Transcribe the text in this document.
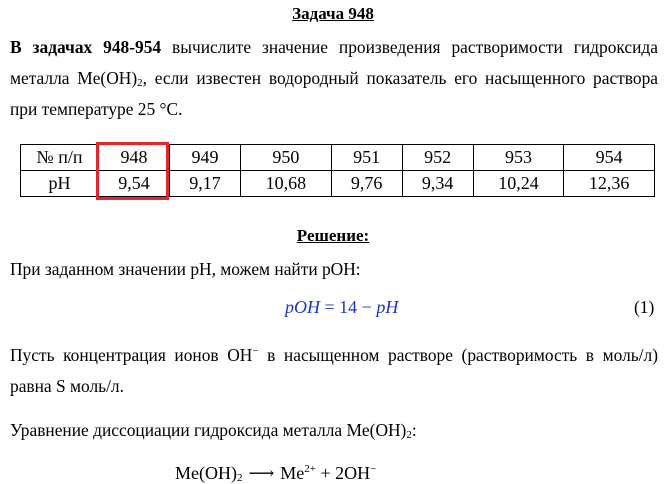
Задача 948
В задачах 948-954 вычислите значение произведения растворимости гидроксида металла $Me(OH)_2$, если известен водородный показатель его насыщенного раствора при температуре 25 °С.
№ п/п	948	949	950	951	952	953	954
pH	9,54	9,17	10,68	9,76	9,34	10,24	12,36
Решение:
При заданном значении pH, можем найти pOH:
pOH = 14 − pH	(1)
Пусть концентрация ионов OH− в насыщенном растворе (растворимость в моль/л) равна S моль/л.
Уравнение диссоциации гидроксида металла $Me(OH)_2$:
$Me(OH)_2$ ⟶ $Me^{2+} + 2OH^-$
